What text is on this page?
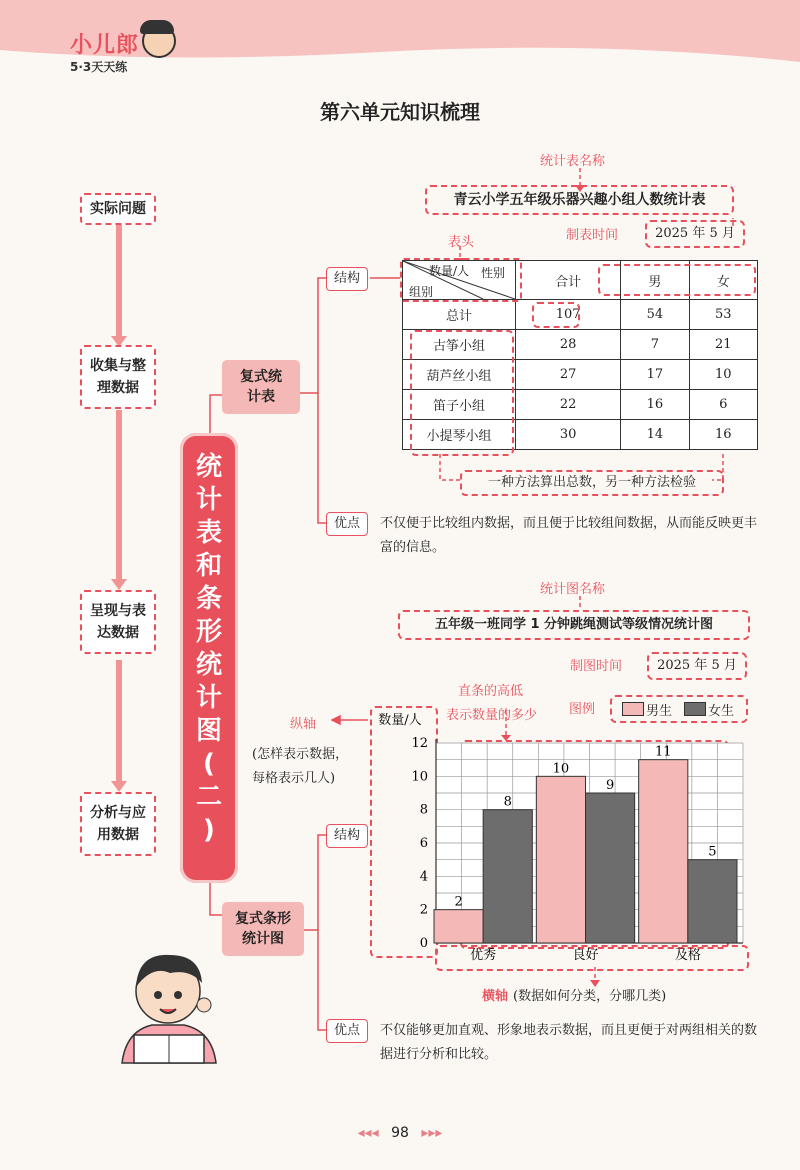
小儿郎
5·3天天练
第六单元知识梳理
实际问题
收集与整
理数据
呈现与表
达数据
分析与应
用数据
统
计
表
和
条
形
统
计
图
(
二
)
复式统
计表
复式条形
统计图
结构
优点
结构
优点
统计表名称
青云小学五年级乐器兴趣小组人数统计表
制表时间	2025 年 5 月
表头
数量/人 性别
组别	合计	男	女
总计	107	54	53
古筝小组	28	7	21
葫芦丝小组	27	17	10
笛子小组	22	16	6
小提琴小组	30	14	16
一种方法算出总数，另一种方法检验
不仅便于比较组内数据，而且便于比较组间数据，从而能反映更丰富的信息。
统计图名称
五年级一班同学 1 分钟跳绳测试等级情况统计图
制图时间	2025 年 5 月
直条的高低
表示数量的多少 图例	男生	女生
纵轴
(怎样表示数据，
每格表示几人)
横轴 (数据如何分类，分哪几类)
0
2
4
6
8
10
12
2
8
优秀
10
9
良好
11
5
及格
数量/人
不仅能够更加直观、形象地表示数据，而且更便于对两组相关的数据进行分析和比较。
◂◂◂ 98 ▸▸▸
